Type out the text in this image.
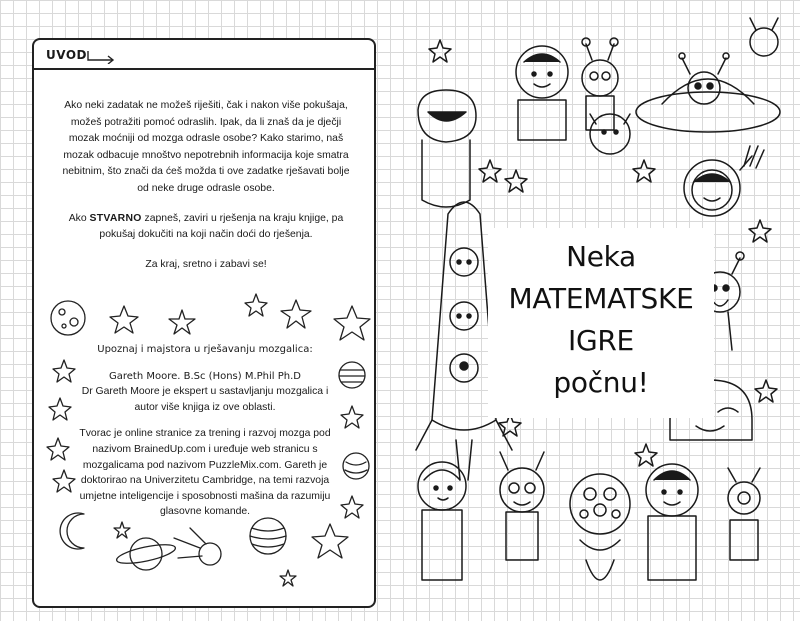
UVOD

Ako neki zadatak ne možeš riješiti, čak i nakon više pokušaja, možeš potražiti pomoć odraslih. Ipak, da li znaš da je dječji mozak moćniji od mozga odrasle osobe? Kako starimo, naš mozak odbacuje mnoštvo nepotrebnih informacija koje smatra nebitnim, što znači da ćeš možda ti ove zadatke rješavati bolje od neke druge odrasle osobe.

Ako STVARNO zapneš, zaviri u rješenja na kraju knjige, pa pokušaj dokučiti na koji način doći do rješenja.

Za kraj, sretno i zabavi se!

Upoznaj i majstora u rješavanju mozgalica:

Gareth Moore. B.Sc (Hons) M.Phil Ph.D

Dr Gareth Moore je ekspert u sastavljanju mozgalica i autor više knjiga iz ove oblasti.

Tvorac je online stranice za trening i razvoj mozga pod nazivom BrainedUp.com i uređuje web stranicu s mozgalicama pod nazivom PuzzleMix.com. Gareth je doktorirao na Univerzitetu Cambridge, na temi razvoja umjetne inteligencije i sposobnosti mašina da razumiju glasovne komande.

Neka
MATEMATSKE
IGRE
počnu!
